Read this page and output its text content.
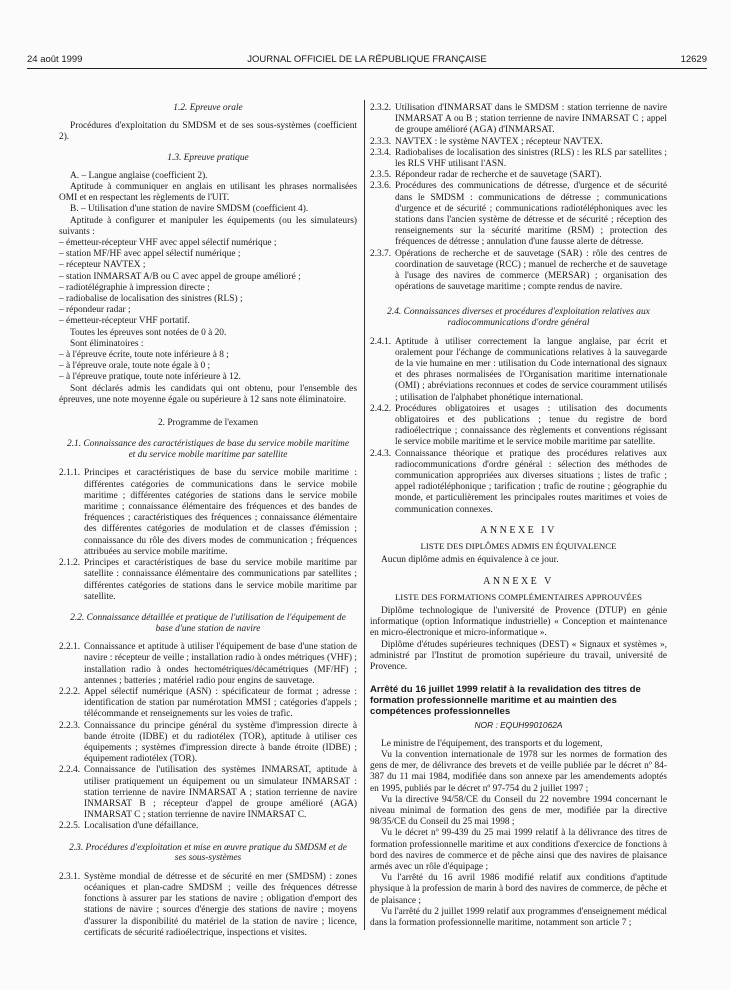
24 août 1999	JOURNAL OFFICIEL DE LA RÉPUBLIQUE FRANÇAISE	12629

1.2. Epreuve orale

Procédures d'exploitation du SMDSM et de ses sous-systèmes (coefficient 2).

1.3. Epreuve pratique

A. – Langue anglaise (coefficient 2).

Aptitude à communiquer en anglais en utilisant les phrases normalisées OMI et en respectant les règlements de l'UIT.

B. – Utilisation d'une station de navire SMDSM (coefficient 4).

Aptitude à configurer et manipuler les équipements (ou les simulateurs) suivants :

– émetteur-récepteur VHF avec appel sélectif numérique ;

– station MF/HF avec appel sélectif numérique ;

– récepteur NAVTEX ;

– station INMARSAT A/B ou C avec appel de groupe amélioré ;

– radiotélégraphie à impression directe ;

– radiobalise de localisation des sinistres (RLS) ;

– répondeur radar ;

– émetteur-récepteur VHF portatif.

Toutes les épreuves sont notées de 0 à 20.

Sont éliminatoires :

– à l'épreuve écrite, toute note inférieure à 8 ;

– à l'épreuve orale, toute note égale à 0 ;

– à l'épreuve pratique, toute note inférieure à 12.

Sont déclarés admis les candidats qui ont obtenu, pour l'ensemble des épreuves, une note moyenne égale ou supérieure à 12 sans note éliminatoire.

2. Programme de l'examen

2.1. Connaissance des caractéristiques de base du service mobile maritime et du service mobile maritime par satellite

2.1.1. Principes et caractéristiques de base du service mobile maritime : différentes catégories de communications dans le service mobile maritime ; différentes catégories de stations dans le service mobile maritime ; connaissance élémentaire des fréquences et des bandes de fréquences ; caractéristiques des fréquences ; connaissance élémentaire des différentes catégories de modulation et de classes d'émission ; connaissance du rôle des divers modes de communication ; fréquences attribuées au service mobile maritime.
2.1.2. Principes et caractéristiques de base du service mobile maritime par satellite : connaissance élémentaire des communications par satellites ; différentes catégories de stations dans le service mobile maritime par satellite.

2.2. Connaissance détaillée et pratique de l'utilisation de l'équipement de base d'une station de navire

2.2.1. Connaissance et aptitude à utiliser l'équipement de base d'une station de navire : récepteur de veille ; installation radio à ondes métriques (VHF) ; installation radio à ondes hectométriques/décamétriques (MF/HF) ; antennes ; batteries ; matériel radio pour engins de sauvetage.
2.2.2. Appel sélectif numérique (ASN) : spécificateur de format ; adresse : identification de station par numérotation MMSI ; catégories d'appels ; télécommande et renseignements sur les voies de trafic.
2.2.3. Connaissance du principe général du système d'impression directe à bande étroite (IDBE) et du radiotélex (TOR), aptitude à utiliser ces équipements ; systèmes d'impression directe à bande étroite (IDBE) ; équipement radiotélex (TOR).
2.2.4. Connaissance de l'utilisation des systèmes INMARSAT, aptitude à utiliser pratiquement un équipement ou un simulateur INMARSAT : station terrienne de navire INMARSAT A ; station terrienne de navire INMARSAT B ; récepteur d'appel de groupe amélioré (AGA) INMARSAT C ; station terrienne de navire INMARSAT C.
2.2.5. Localisation d'une défaillance.

2.3. Procédures d'exploitation et mise en œuvre pratique du SMDSM et de ses sous-systèmes

2.3.1. Système mondial de détresse et de sécurité en mer (SMDSM) : zones océaniques et plan-cadre SMDSM ; veille des fréquences détresse fonctions à assurer par les stations de navire ; obligation d'emport des stations de navire ; sources d'énergie des stations de navire ; moyens d'assurer la disponibilité du matériel de la station de navire ; licence, certificats de sécurité radioélectrique, inspections et visites.
2.3.2. Utilisation d'INMARSAT dans le SMDSM : station terrienne de navire INMARSAT A ou B ; station terrienne de navire INMARSAT C ; appel de groupe amélioré (AGA) d'INMARSAT.
2.3.3. NAVTEX : le système NAVTEX ; récepteur NAVTEX.
2.3.4. Radiobalises de localisation des sinistres (RLS) : les RLS par satellites ; les RLS VHF utilisant l'ASN.
2.3.5. Répondeur radar de recherche et de sauvetage (SART).
2.3.6. Procédures des communications de détresse, d'urgence et de sécurité dans le SMDSM : communications de détresse ; communications d'urgence et de sécurité ; communications radiotéléphoniques avec les stations dans l'ancien système de détresse et de sécurité ; réception des renseignements sur la sécurité maritime (RSM) ; protection des fréquences de détresse ; annulation d'une fausse alerte de détresse.
2.3.7. Opérations de recherche et de sauvetage (SAR) : rôle des centres de coordination de sauvetage (RCC) ; manuel de recherche et de sauvetage à l'usage des navires de commerce (MERSAR) ; organisation des opérations de sauvetage maritime ; compte rendus de navire.

2.4. Connaissances diverses et procédures d'exploitation relatives aux radiocommunications d'ordre général

2.4.1. Aptitude à utiliser correctement la langue anglaise, par écrit et oralement pour l'échange de communications relatives à la sauvegarde de la vie humaine en mer : utilisation du Code international des signaux et des phrases normalisées de l'Organisation maritime internationale (OMI) ; abréviations reconnues et codes de service couramment utilisés ; utilisation de l'alphabet phonétique international.
2.4.2. Procédures obligatoires et usages : utilisation des documents obligatoires et des publications ; tenue du registre de bord radioélectrique ; connaissance des règlements et conventions régissant le service mobile maritime et le service mobile maritime par satellite.
2.4.3. Connaissance théorique et pratique des procédures relatives aux radiocommunications d'ordre général : sélection des méthodes de communication appropriées aux diverses situations ; listes de trafic ; appel radiotéléphonique ; tarification ; trafic de routine ; géographie du monde, et particulièrement les principales routes maritimes et voies de communication connexes.

ANNEXE IV

LISTE DES DIPLÔMES ADMIS EN ÉQUIVALENCE

Aucun diplôme admis en équivalence à ce jour.

ANNEXE V

LISTE DES FORMATIONS COMPLÉMENTAIRES APPROUVÉES

Diplôme technologique de l'université de Provence (DTUP) en génie informatique (option Informatique industrielle) « Conception et maintenance en micro-électronique et micro-informatique ».

Diplôme d'études supérieures techniques (DEST) « Signaux et systèmes », administré par l'Institut de promotion supérieure du travail, université de Provence.

Arrêté du 16 juillet 1999 relatif à la revalidation des titres de formation professionnelle maritime et au maintien des compétences professionnelles

NOR : EQUH9901062A

Le ministre de l'équipement, des transports et du logement,

Vu la convention internationale de 1978 sur les normes de formation des gens de mer, de délivrance des brevets et de veille publiée par le décret nº 84-387 du 11 mai 1984, modifiée dans son annexe par les amendements adoptés en 1995, publiés par le décret nº 97-754 du 2 juillet 1997 ;

Vu la directive 94/58/CE du Conseil du 22 novembre 1994 concernant le niveau minimal de formation des gens de mer, modifiée par la directive 98/35/CE du Conseil du 25 mai 1998 ;

Vu le décret nº 99-439 du 25 mai 1999 relatif à la délivrance des titres de formation professionnelle maritime et aux conditions d'exercice de fonctions à bord des navires de commerce et de pêche ainsi que des navires de plaisance armés avec un rôle d'équipage ;

Vu l'arrêté du 16 avril 1986 modifié relatif aux conditions d'aptitude physique à la profession de marin à bord des navires de commerce, de pêche et de plaisance ;

Vu l'arrêté du 2 juillet 1999 relatif aux programmes d'enseignement médical dans la formation professionnelle maritime, notamment son article 7 ;
